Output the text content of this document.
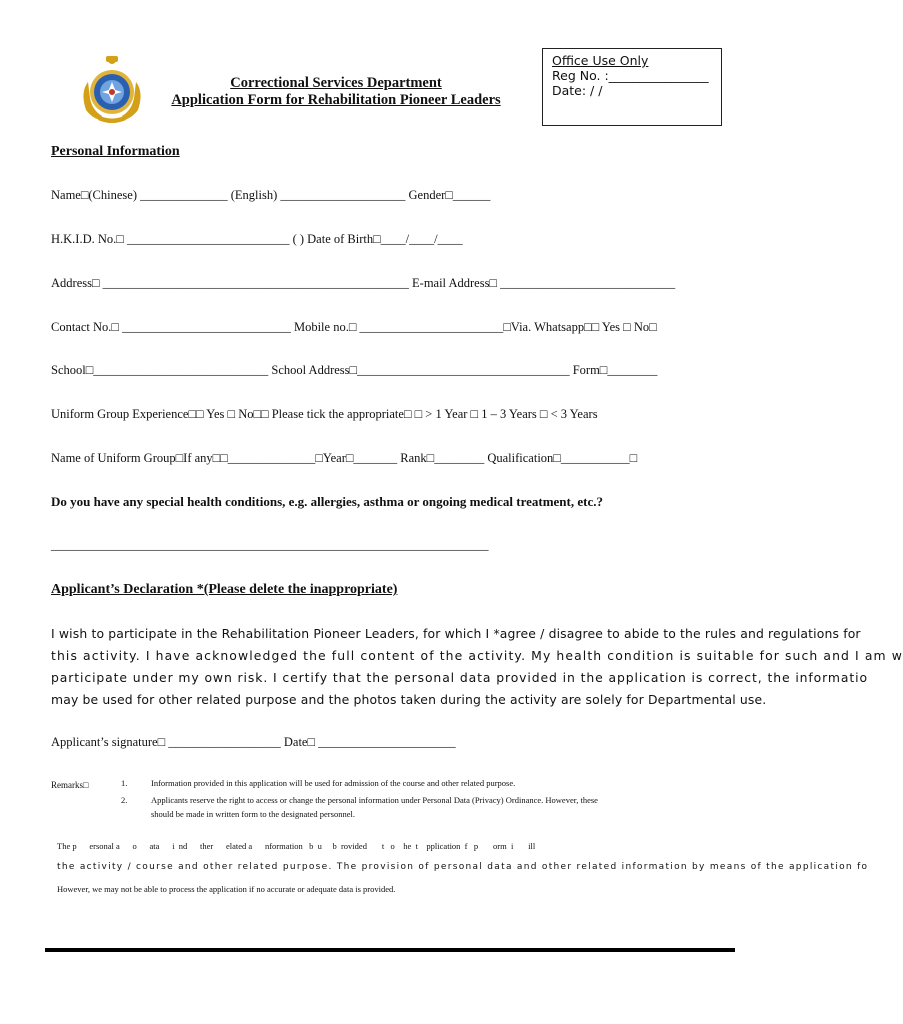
Correctional Services Department
Application Form for Rehabilitation Pioneer Leaders
Office Use Only
Reg No. :________________
Date: / /
Personal Information
Name□(Chinese) ______________ (English) ____________________ Gender□______
H.K.I.D. No.□ __________________________ ( ) Date of Birth□____/____/____
Address□ _________________________________________________ E-mail Address□ ____________________________
Contact No.□ ___________________________ Mobile no.□ _______________________□Via. Whatsapp□□ Yes □ No□
School□____________________________ School Address□__________________________________ Form□________
Uniform Group Experience□□ Yes □ No□□ Please tick the appropriate□ □ > 1 Year □ 1 – 3 Years □ < 3 Years
Name of Uniform Group□If any□□______________□Year□_______ Rank□________ Qualification□___________□
Do you have any special health conditions, e.g. allergies, asthma or ongoing medical treatment, etc.?
______________________________________________________________________
Applicant’s Declaration *(Please delete the inappropriate)
I wish to participate in the Rehabilitation Pioneer Leaders, for which I *agree / disagree to abide to the rules and regulations for
this activity. I have acknowledged the full content of the activity. My health condition is suitable for such and I am w
participate under my own risk. I certify that the personal data provided in the application is correct, the informatio
may be used for other related purpose and the photos taken during the activity are solely for Departmental use.
Applicant’s signature□ __________________ Date□ ______________________
Remarks□	1.	Information provided in this application will be used for admission of the course and other related purpose.
2.	Applicants reserve the right to access or change the personal information under Personal Data (Privacy) Ordinance. However, these
should be made in written form to the designated personnel.
The p      ersonal a      o      ata      i  nd      ther      elated a      nformation   b  u     b  rovided       t   o    he  t    pplication  f   p       orm  i       ill
the activity / course and other related purpose. The provision of personal data and other related information by means of the application fo
However, we may not be able to process the application if no accurate or adequate data is provided.
